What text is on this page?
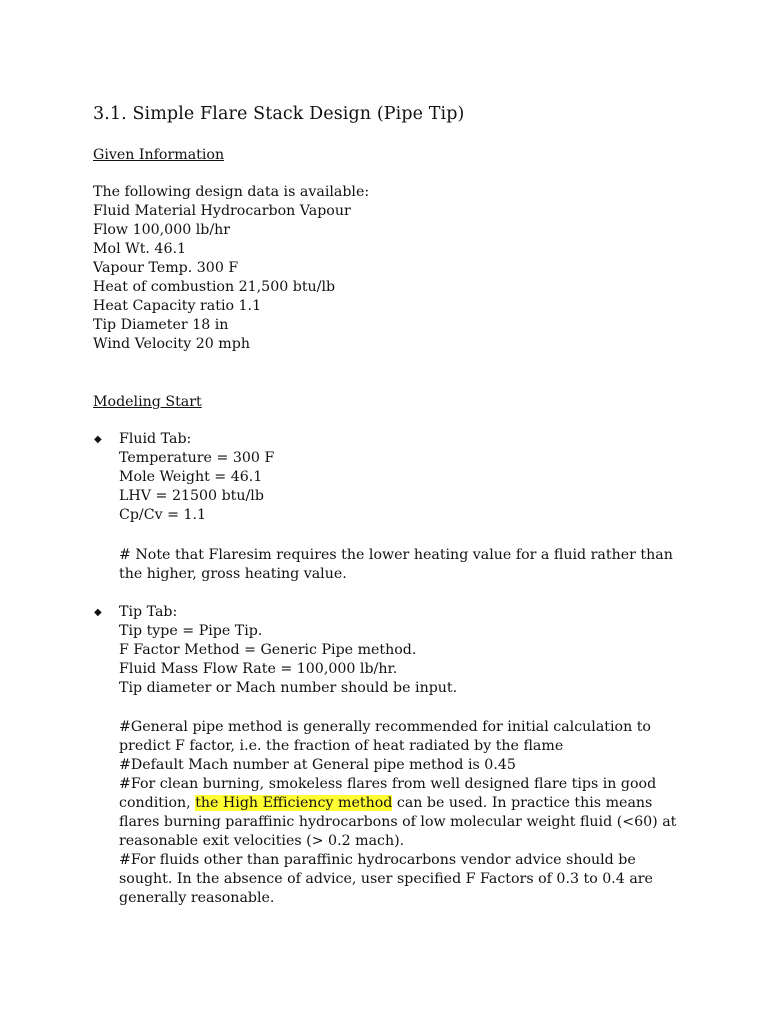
3.1. Simple Flare Stack Design (Pipe Tip)
Given Information
The following design data is available:
Fluid Material Hydrocarbon Vapour
Flow 100,000 lb/hr
Mol Wt. 46.1
Vapour Temp. 300 F
Heat of combustion 21,500 btu/lb
Heat Capacity ratio 1.1
Tip Diameter 18 in
Wind Velocity 20 mph
Modeling Start
◆ Fluid Tab:
Temperature = 300 F
Mole Weight = 46.1
LHV = 21500 btu/lb
Cp/Cv = 1.1
# Note that Flaresim requires the lower heating value for a fluid rather than
the higher, gross heating value.
◆ Tip Tab:
Tip type = Pipe Tip.
F Factor Method = Generic Pipe method.
Fluid Mass Flow Rate = 100,000 lb/hr.
Tip diameter or Mach number should be input.
#General pipe method is generally recommended for initial calculation to
predict F factor, i.e. the fraction of heat radiated by the flame
#Default Mach number at General pipe method is 0.45
#For clean burning, smokeless flares from well designed flare tips in good
condition, the High Efficiency method can be used. In practice this means
flares burning paraffinic hydrocarbons of low molecular weight fluid (<60) at
reasonable exit velocities (> 0.2 mach).
#For fluids other than paraffinic hydrocarbons vendor advice should be
sought. In the absence of advice, user specified F Factors of 0.3 to 0.4 are
generally reasonable.
